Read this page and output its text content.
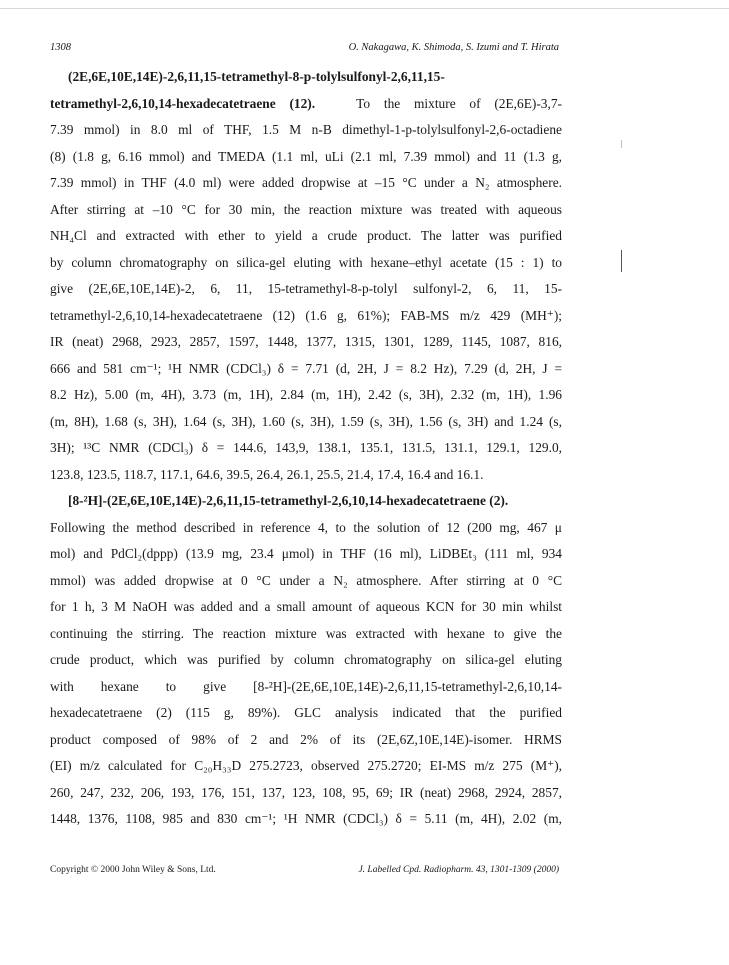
1308	O. Nakagawa, K. Shimoda, S. Izumi and T. Hirata
(2E,6E,10E,14E)-2,6,11,15-tetramethyl-8-p-tolylsulfonyl-2,6,11,15-
tetramethyl-2,6,10,14-hexadecatetraene (12).   To the mixture of (2E,6E)-3,7-
7.39 mmol) in 8.0 ml of THF, 1.5 M n-B dimethyl-1-p-tolylsulfonyl-2,6-octadiene
(8) (1.8 g, 6.16 mmol) and TMEDA (1.1 ml, uLi (2.1 ml, 7.39 mmol) and 11 (1.3 g,
7.39 mmol) in THF (4.0 ml) were added dropwise at –15 °C under a N₂ atmosphere.
After stirring at –10 °C for 30 min, the reaction mixture was treated with aqueous
NH₄Cl and extracted with ether to yield a crude product. The latter was purified
by column chromatography on silica-gel eluting with hexane–ethyl acetate (15 : 1) to
give (2E,6E,10E,14E)-2, 6, 11, 15-tetramethyl-8-p-tolyl sulfonyl-2, 6, 11, 15-
tetramethyl-2,6,10,14-hexadecatetraene (12) (1.6 g, 61%); FAB-MS m/z 429 (MH⁺);
IR (neat) 2968, 2923, 2857, 1597, 1448, 1377, 1315, 1301, 1289, 1145, 1087, 816,
666 and 581 cm⁻¹; ¹H NMR (CDCl₃) δ = 7.71 (d, 2H, J = 8.2 Hz), 7.29 (d, 2H, J =
8.2 Hz), 5.00 (m, 4H), 3.73 (m, 1H), 2.84 (m, 1H), 2.42 (s, 3H), 2.32 (m, 1H), 1.96
(m, 8H), 1.68 (s, 3H), 1.64 (s, 3H), 1.60 (s, 3H), 1.59 (s, 3H), 1.56 (s, 3H) and 1.24 (s,
3H); ¹³C NMR (CDCl₃) δ = 144.6, 143,9, 138.1, 135.1, 131.5, 131.1, 129.1, 129.0,
123.8, 123.5, 118.7, 117.1, 64.6, 39.5, 26.4, 26.1, 25.5, 21.4, 17.4, 16.4 and 16.1.
[8-²H]-(2E,6E,10E,14E)-2,6,11,15-tetramethyl-2,6,10,14-hexadecatetraene (2).
Following the method described in reference 4, to the solution of 12 (200 mg, 467 μ
mol) and PdCl₂(dppp) (13.9 mg, 23.4 μmol) in THF (16 ml), LiDBEt₃ (111 ml, 934
mmol) was added dropwise at 0 °C under a N₂ atmosphere. After stirring at 0 °C
for 1 h, 3 M NaOH was added and a small amount of aqueous KCN for 30 min whilst
continuing the stirring. The reaction mixture was extracted with hexane to give the
crude product, which was purified by column chromatography on silica-gel eluting
with hexane to give [8-²H]-(2E,6E,10E,14E)-2,6,11,15-tetramethyl-2,6,10,14-
hexadecatetraene (2) (115 g, 89%). GLC analysis indicated that the purified
product composed of 98% of 2 and 2% of its (2E,6Z,10E,14E)-isomer. HRMS
(EI) m/z calculated for C₂₀H₃₃D 275.2723, observed 275.2720; EI-MS m/z 275 (M⁺),
260, 247, 232, 206, 193, 176, 151, 137, 123, 108, 95, 69; IR (neat) 2968, 2924, 2857,
1448, 1376, 1108, 985 and 830 cm⁻¹; ¹H NMR (CDCl₃) δ = 5.11 (m, 4H), 2.02 (m,
Copyright © 2000 John Wiley & Sons, Ltd.	J. Labelled Cpd. Radiopharm. 43, 1301-1309 (2000)
